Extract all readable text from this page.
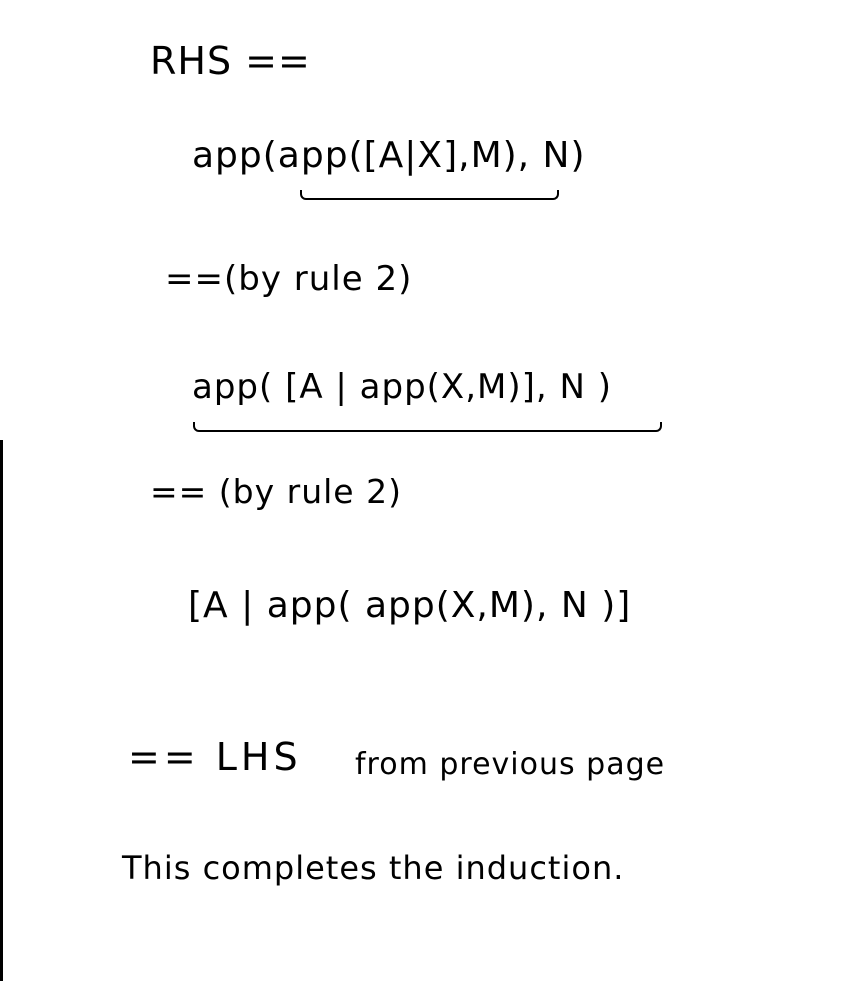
RHS ==
app(app([A|X],M), N)
==(by rule 2)
app( [A | app(X,M)], N )
== (by rule 2)
[A | app( app(X,M), N )]
== LHS from previous page
This completes the induction.
